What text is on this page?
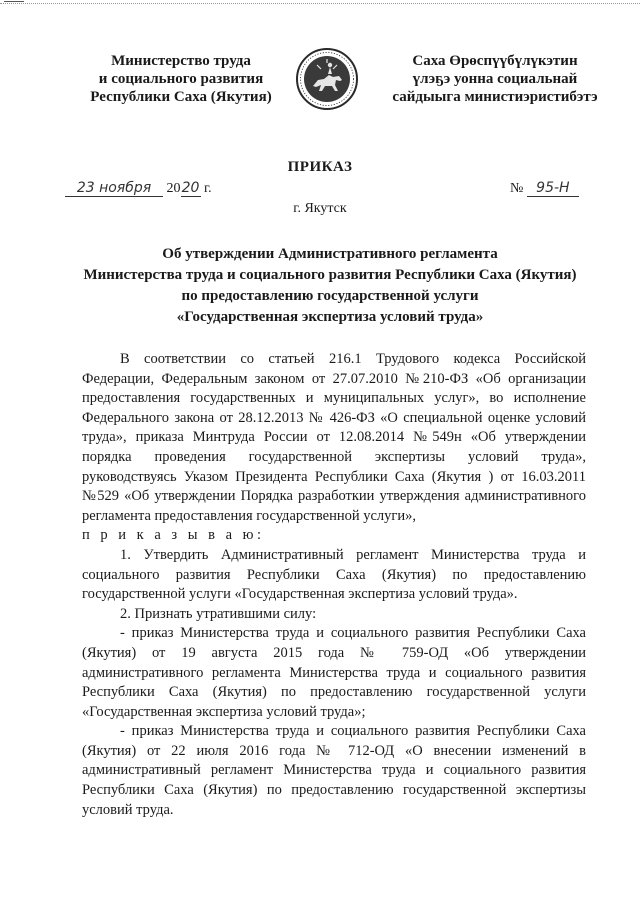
Министерство труда
и социального развития
Республики Саха (Якутия)
Саха Өрөспүүбүлүкэтин
үлэҕэ уонна социальнай
сайдыыга министиэристибэтэ
ПРИКАЗ
23 ноября 2020 г.	№ 95-Н
г. Якутск
Об утверждении Административного регламента
Министерства труда и социального развития Республики Саха (Якутия)
по предоставлению государственной услуги
«Государственная экспертиза условий труда»

В соответствии со статьей 216.1 Трудового кодекса Российской Федерации, Федеральным законом от 27.07.2010 №210-ФЗ «Об организации предоставления государственных и муниципальных услуг», во исполнение Федерального закона от 28.12.2013 № 426-ФЗ «О специальной оценке условий труда», приказа Минтруда России от 12.08.2014 №549н «Об утверждении порядка проведения государственной экспертизы условий труда», руководствуясь Указом Президента Республики Саха (Якутия ) от 16.03.2011 №529 «Об утверждении Порядка разработкии утверждения административного регламента предоставления государственной услуги»,

п р и к а з ы в а ю:

1. Утвердить Административный регламент Министерства труда и социального развития Республики Саха (Якутия) по предоставлению государственной услуги «Государственная экспертиза условий труда».

2. Признать утратившими силу:

- приказ Министерства труда и социального развития Республики Саха (Якутия) от 19 августа 2015 года № 759-ОД «Об утверждении административного регламента Министерства труда и социального развития Республики Саха (Якутия) по предоставлению государственной услуги «Государственная экспертиза условий труда»;

- приказ Министерства труда и социального развития Республики Саха (Якутия) от 22 июля 2016 года № 712-ОД «О внесении изменений в административный регламент Министерства труда и социального развития Республики Саха (Якутия) по предоставлению государственной экспертизы условий труда.
